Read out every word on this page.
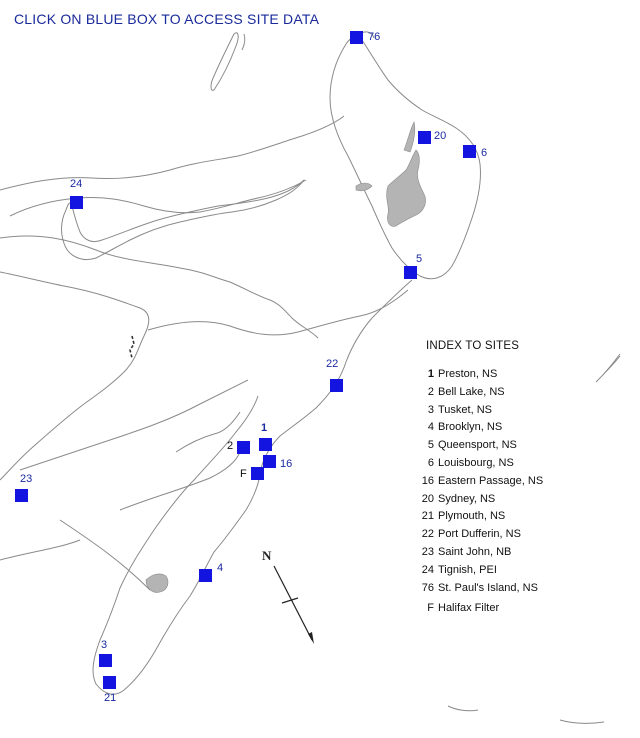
CLICK ON BLUE BOX TO ACCESS SITE DATA
76
20
6
24
5
22
1
2
16
F
23
4
3
21
N
INDEX TO SITES
1 Preston, NS
2 Bell Lake, NS
3 Tusket, NS
4 Brooklyn, NS
5 Queensport, NS
6 Louisbourg, NS
16 Eastern Passage, NS
20 Sydney, NS
21 Plymouth, NS
22 Port Dufferin, NS
23 Saint John, NB
24 Tignish, PEI
76 St. Paul's Island, NS
F Halifax Filter
